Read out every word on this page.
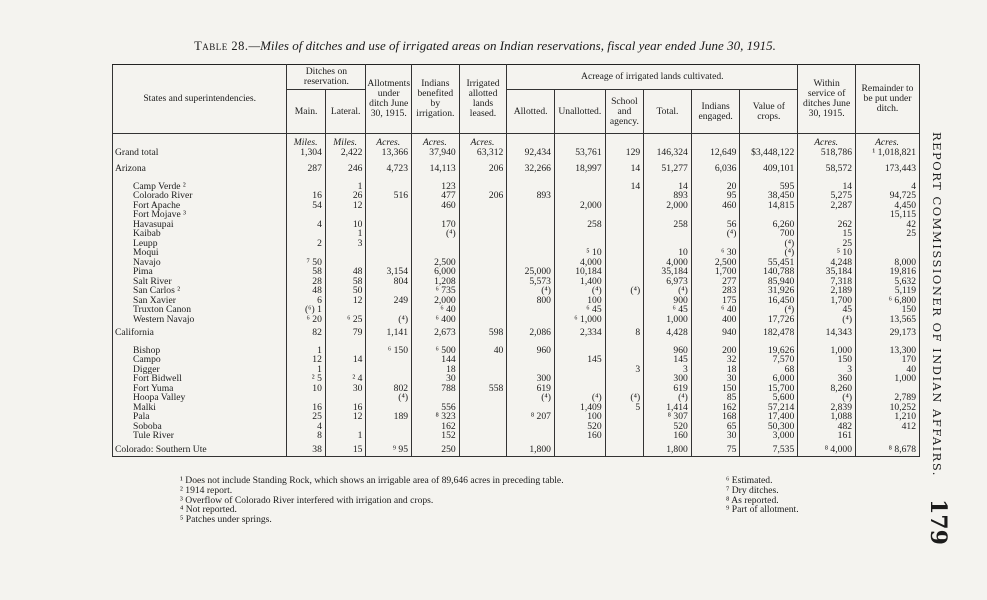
Table 28.—Miles of ditches and use of irrigated areas on Indian reservations, fiscal year ended June 30, 1915.
REPORT COMMISSIONER OF INDIAN AFFAIRS.
179
States and superintendencies.	Ditches on reservation.		Allotments under ditch June 30, 1915.	Indians benefited by irrigation.	Irrigated allotted lands leased.	Acreage of irrigated lands cultivated.						Within service of ditches June 30, 1915.	Remainder to be put under ditch.
	Main.	Lateral.				Allotted.	Unallotted.	School and agency.	Total.	Indians engaged.	Value of crops.		
	Miles.	Miles.	Acres.	Acres.	Acres.							Acres.	Acres.
Grand total	1,304	2,422	13,366	37,940	63,312	92,434	53,761	129	146,324	12,649	$3,448,122	518,786	¹ 1,018,821
Arizona	287	246	4,723	14,113	206	32,266	18,997	14	51,277	6,036	409,101	58,572	173,443

Camp Verde ²		1		123				14	14	20	595	14	4
Colorado River	16	26	516	477	206	893			893	95	38,450	5,275	94,725
Fort Apache	54	12		460			2,000		2,000	460	14,815	2,287	4,450
Fort Mojave ³													15,115
Havasupai	4	10		170			258		258	56	6,260	262	42
Kaibab		1		(⁴)						(⁴)	700	15	25
Leupp	2	3									(⁴)	25	
Moqui							⁵ 10		10	⁶ 30	(⁴)	⁵ 10	
Navajo	⁷ 50			2,500			4,000		4,000	2,500	55,451	4,248	8,000
Pima	58	48	3,154	6,000		25,000	10,184		35,184	1,700	140,788	35,184	19,816
Salt River	28	58	804	1,208		5,573	1,400		6,973	277	85,940	7,318	5,632
San Carlos ²	48	50		⁶ 735		(⁴)	(⁴)	(⁴)	(⁴)	283	31,926	2,189	5,119
San Xavier	6	12	249	2,000		800	100		900	175	16,450	1,700	⁶ 6,800
Truxton Canon	(⁶) 1			⁶ 40			⁶ 45		⁶ 45	⁶ 40	(⁴)	45	150
Western Navajo	⁶ 20	⁶ 25	(⁴)	⁶ 400			⁶ 1,000		1,000	400	17,726	(⁴)	13,565
California	82	79	1,141	2,673	598	2,086	2,334	8	4,428	940	182,478	14,343	29,173

Bishop	1		⁶ 150	⁶ 500	40	960			960	200	19,626	1,000	13,300
Campo	12	14		144			145		145	32	7,570	150	170
Digger	1			18				3	3	18	68	3	40
Fort Bidwell	² 5	² 4		30		300			300	30	6,000	360	1,000
Fort Yuma	10	30	802	788	558	619			619	150	15,700	8,260	
Hoopa Valley			(⁴)			(⁴)	(⁴)	(⁴)	(⁴)	85	5,600	(⁴)	2,789
Malki	16	16		556			1,409	5	1,414	162	57,214	2,839	10,252
Pala	25	12	189	⁸ 323		⁸ 207	100		⁸ 307	168	17,400	1,088	1,210
Soboba	4			162			520		520	65	50,300	482	412
Tule River	8	1		152			160		160	30	3,000	161	
Colorado: Southern Ute	38	15	⁹ 95	250		1,800			1,800	75	7,535	⁸ 4,000	⁸ 8,678
¹ Does not include Standing Rock, which shows an irrigable area of 89,646 acres in preceding table.
² 1914 report.
³ Overflow of Colorado River interfered with irrigation and crops.
⁴ Not reported.
⁵ Patches under springs.
⁶ Estimated.
⁷ Dry ditches.
⁸ As reported.
⁹ Part of allotment.
